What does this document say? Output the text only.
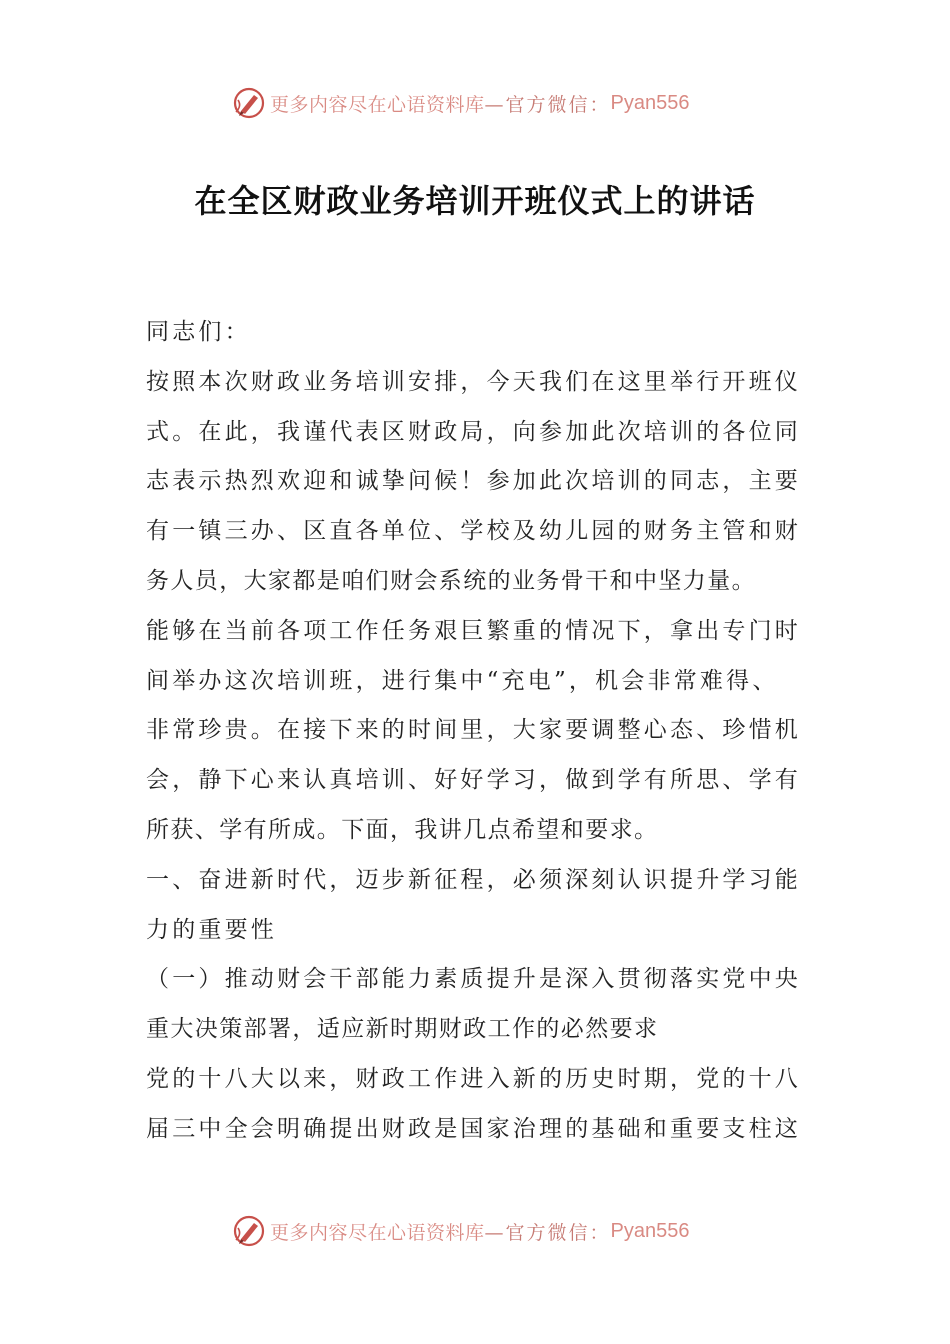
更多内容尽在心语资料库 —官方微信： Pyan556
在全区财政业务培训开班仪式上的讲话
同志们：
按照本次财政业务培训安排，今天我们在这里举行开班仪
式。在此，我谨代表区财政局，向参加此次培训的各位同
志表示热烈欢迎和诚挚问候！参加此次培训的同志，主要
有一镇三办、区直各单位、学校及幼儿园的财务主管和财
务人员，大家都是咱们财会系统的业务骨干和中坚力量。
能够在当前各项工作任务艰巨繁重的情况下，拿出专门时
间举办这次培训班，进行集中“充电”，机会非常难得、
非常珍贵。在接下来的时间里，大家要调整心态、珍惜机
会，静下心来认真培训、好好学习，做到学有所思、学有
所获、学有所成。下面，我讲几点希望和要求。
一、奋进新时代，迈步新征程，必须深刻认识提升学习能
力的重要性
（一）推动财会干部能力素质提升是深入贯彻落实党中央
重大决策部署，适应新时期财政工作的必然要求
党的十八大以来，财政工作进入新的历史时期，党的十八
届三中全会明确提出财政是国家治理的基础和重要支柱这
更多内容尽在心语资料库 —官方微信： Pyan556
